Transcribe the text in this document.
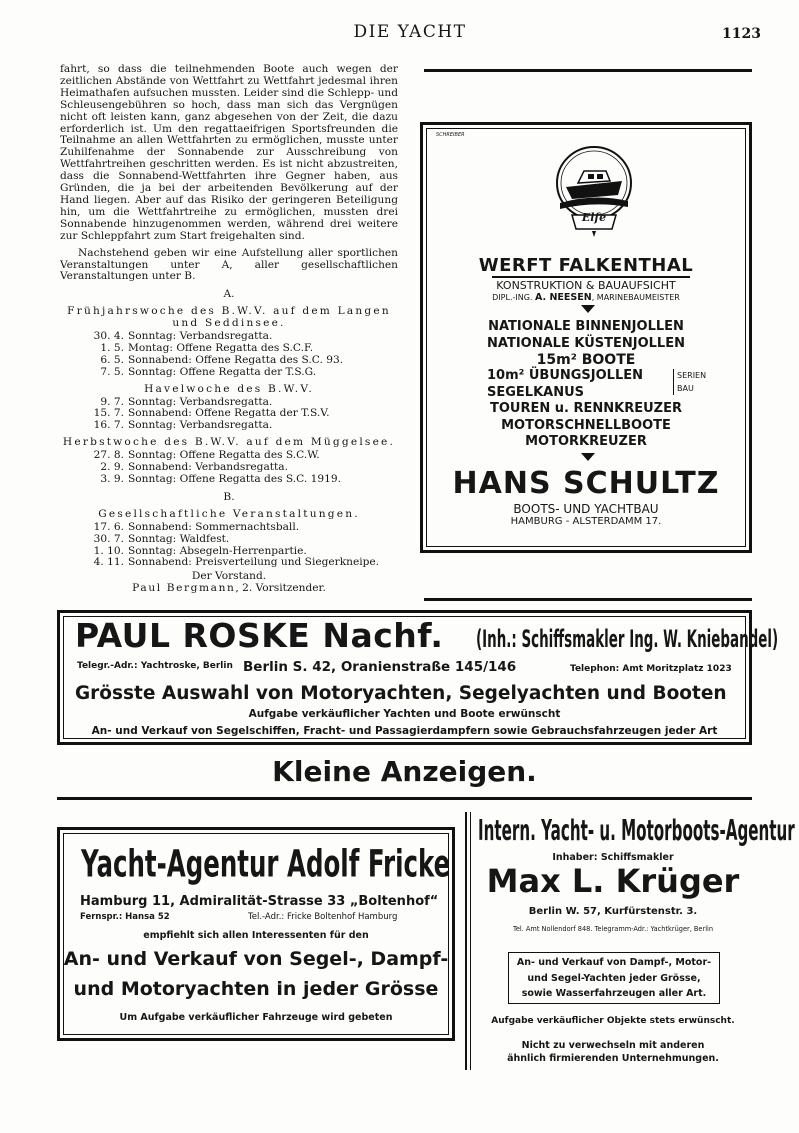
DIE YACHT	1123

fahrt, so dass die teilnehmenden Boote auch wegen der zeitlichen Abstände von Wettfahrt zu Wettfahrt jedesmal ihren Heimathafen aufsuchen mussten. Leider sind die Schlepp- und Schleusengebühren so hoch, dass man sich das Vergnügen nicht oft leisten kann, ganz abgesehen von der Zeit, die dazu erforderlich ist. Um den regattaeifrigen Sportsfreunden die Teilnahme an allen Wettfahrten zu ermöglichen, musste unter Zuhilfenahme der Sonnabende zur Ausschreibung von Wettfahrtreihen geschritten werden. Es ist nicht abzustreiten, dass die Sonnabend-Wettfahrten ihre Gegner haben, aus Gründen, die ja bei der arbeitenden Bevölkerung auf der Hand liegen. Aber auf das Risiko der geringeren Beteiligung hin, um die Wettfahrtreihe zu ermöglichen, mussten drei Sonnabende hinzugenommen werden, während drei weitere zur Schleppfahrt zum Start freigehalten sind.

Nachstehend geben wir eine Aufstellung aller sportlichen Veranstaltungen unter A, aller gesellschaftlichen Veranstaltungen unter B.

A.

Frühjahrswoche des B.W.V. auf dem Langen und Seddinsee.

30. 4. Sonntag: Verbandsregatta.

1. 5. Montag: Offene Regatta des S.C.F.

6. 5. Sonnabend: Offene Regatta des S.C. 93.

7. 5. Sonntag: Offene Regatta der T.S.G.

Havelwoche des B.W.V.

9. 7. Sonntag: Verbandsregatta.

15. 7. Sonnabend: Offene Regatta der T.S.V.

16. 7. Sonntag: Verbandsregatta.

Herbstwoche des B.W.V. auf dem Müggelsee.

27. 8. Sonntag: Offene Regatta des S.C.W.

2. 9. Sonnabend: Verbandsregatta.

3. 9. Sonntag: Offene Regatta des S.C. 1919.

B.

Gesellschaftliche Veranstaltungen.

17. 6. Sonnabend: Sommernachtsball.

30. 7. Sonntag: Waldfest.

1. 10. Sonntag: Absegeln-Herrenpartie.

4. 11. Sonnabend: Preisverteilung und Siegerkneipe.

Der Vorstand.

Paul Bergmann, 2. Vorsitzender.

SCHREIBER
Elfe
WERFT FALKENTHAL
KONSTRUKTION & BAUAUFSICHT
DIPL.-ING. A. NEESEN, MARINEBAUMEISTER
NATIONALE BINNENJOLLEN
NATIONALE KÜSTENJOLLEN
15m² BOOTE
10m² ÜBUNGSJOLLEN
SEGELKANUS
SERIEN
BAU
TOUREN u. RENNKREUZER
MOTORSCHNELLBOOTE
MOTORKREUZER
HANS SCHULTZ
BOOTS- UND YACHTBAU
HAMBURG - ALSTERDAMM 17.
PAUL ROSKE Nachf. (Inh.: Schiffsmakler Ing. W. Kniebandel)
Telegr.-Adr.: Yachtroske, Berlin Berlin S. 42, Oranienstraße 145/146	Telephon: Amt Moritzplatz 1023
Grösste Auswahl von Motoryachten, Segelyachten und Booten
Aufgabe verkäuflicher Yachten und Boote erwünscht
An- und Verkauf von Segelschiffen, Fracht- und Passagierdampfern sowie Gebrauchsfahrzeugen jeder Art
Kleine Anzeigen.
Yacht-Agentur Adolf Fricke
Hamburg 11, Admiralität-Strasse 33 „Boltenhof“
Fernspr.: Hansa 52	Tel.-Adr.: Fricke Boltenhof Hamburg
empfiehlt sich allen Interessenten für den
An- und Verkauf von Segel-, Dampf-
und Motoryachten in jeder Grösse
Um Aufgabe verkäuflicher Fahrzeuge wird gebeten
Intern. Yacht- u. Motorboots-Agentur
Inhaber: Schiffsmakler
Max L. Krüger
Berlin W. 57, Kurfürstenstr. 3.
Tel. Amt Nollendorf 848. Telegramm-Adr.: Yachtkrüger, Berlin
An- und Verkauf von Dampf-, Motor-
und Segel-Yachten jeder Grösse,
sowie Wasserfahrzeugen aller Art.
Aufgabe verkäuflicher Objekte stets erwünscht.
Nicht zu verwechseln mit anderen
ähnlich firmierenden Unternehmungen.
